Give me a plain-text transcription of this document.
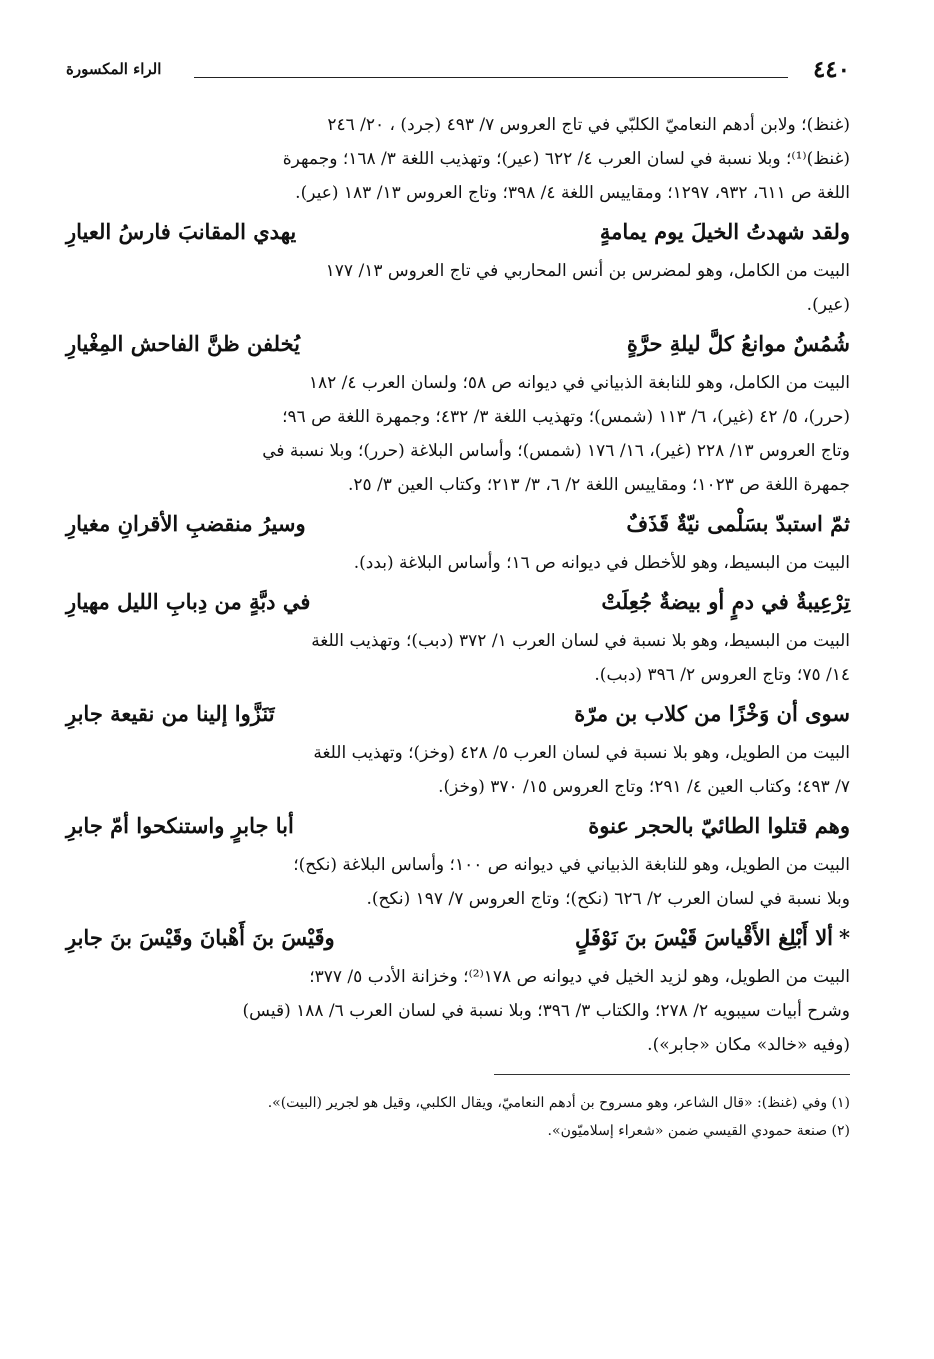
٤٤٠
الراء المكسورة

(غنظ)؛ ولابن أدهم النعاميّ الكلبّي في تاج العروس ٧/ ٤٩٣ (جرد) ، ٢٠/ ٢٤٦

(غنظ)⁽¹⁾؛ وبلا نسبة في لسان العرب ٤/ ٦٢٢ (عير)؛ وتهذيب اللغة ٣/ ١٦٨؛ وجمهرة

اللغة ص ٦١١، ٩٣٢، ١٢٩٧؛ ومقاييس اللغة ٤/ ٣٩٨؛ وتاج العروس ١٣/ ١٨٣ (عير).

ولقد شهدتُ الخيلَ يوم يمامةٍ
يهدي المقانبَ فارسُ العيارِ

البيت من الكامل، وهو لمضرس بن أنس المحاربي في تاج العروس ١٣/ ١٧٧

(عير).

شُمُسٌ موانعُ كلَّ ليلةِ حرَّةٍ
يُخلفن ظنَّ الفاحش المِغْيارِ

البيت من الكامل، وهو للنابغة الذبياني في ديوانه ص ٥٨؛ ولسان العرب ٤/ ١٨٢

(حرر)، ٥/ ٤٢ (غير)، ٦/ ١١٣ (شمس)؛ وتهذيب اللغة ٣/ ٤٣٢؛ وجمهرة اللغة ص ٩٦؛

وتاج العروس ١٣/ ٢٢٨ (غير)، ١٦/ ١٧٦ (شمس)؛ وأساس البلاغة (حرر)؛ وبلا نسبة في

جمهرة اللغة ص ١٠٢٣؛ ومقاييس اللغة ٢/ ٦، ٣/ ٢١٣؛ وكتاب العين ٣/ ٢٥.

ثمّ استبدّ بسَلْمى نيّةٌ قَذَفٌ
وسيرُ منقضبِ الأقرانِ مغيارِ

البيت من البسيط، وهو للأخطل في ديوانه ص ١٦؛ وأساس البلاغة (بدد).

تِرْعِيبةٌ في دمٍ أو بيضةٌ جُعِلَتْ
في دبَّةٍ من دِبابِ الليل مهيارِ

البيت من البسيط، وهو بلا نسبة في لسان العرب ١/ ٣٧٢ (دبب)؛ وتهذيب اللغة

١٤/ ٧٥؛ وتاج العروس ٢/ ٣٩٦ (دبب).

سوى أن وَخْزًا من كلاب بن مرّة
تَنَزَّوا إلينا من نقيعة جابرِ

البيت من الطويل، وهو بلا نسبة في لسان العرب ٥/ ٤٢٨ (وخز)؛ وتهذيب اللغة

٧/ ٤٩٣؛ وكتاب العين ٤/ ٢٩١؛ وتاج العروس ١٥/ ٣٧٠ (وخز).

وهم قتلوا الطائيّ بالحجر عنوة
أبا جابرٍ واستنكحوا أمّ جابرِ

البيت من الطويل، وهو للنابغة الذبياني في ديوانه ص ١٠٠؛ وأساس البلاغة (نكح)؛

وبلا نسبة في لسان العرب ٢/ ٦٢٦ (نكح)؛ وتاج العروس ٧/ ١٩٧ (نكح).

*ألا أَبْلِغ الأَقْياسَ قَيْسَ بنَ نَوْفَلٍ
وقَيْسَ بنَ أَهْبانَ وقَيْسَ بنَ جابرِ

البيت من الطويل، وهو لزيد الخيل في ديوانه ص ١٧٨⁽²⁾؛ وخزانة الأدب ٥/ ٣٧٧؛

وشرح أبيات سيبويه ٢/ ٢٧٨؛ والكتاب ٣/ ٣٩٦؛ وبلا نسبة في لسان العرب ٦/ ١٨٨ (قيس)

(وفيه «خالد» مكان «جابر»).

(١) وفي (غنظ): «قال الشاعر، وهو مسروح بن أدهم النعاميّ، ويقال الكلبي، وقيل هو لجرير (البيت)».

(٢) صنعة حمودي القيسي ضمن «شعراء إسلاميّون».
